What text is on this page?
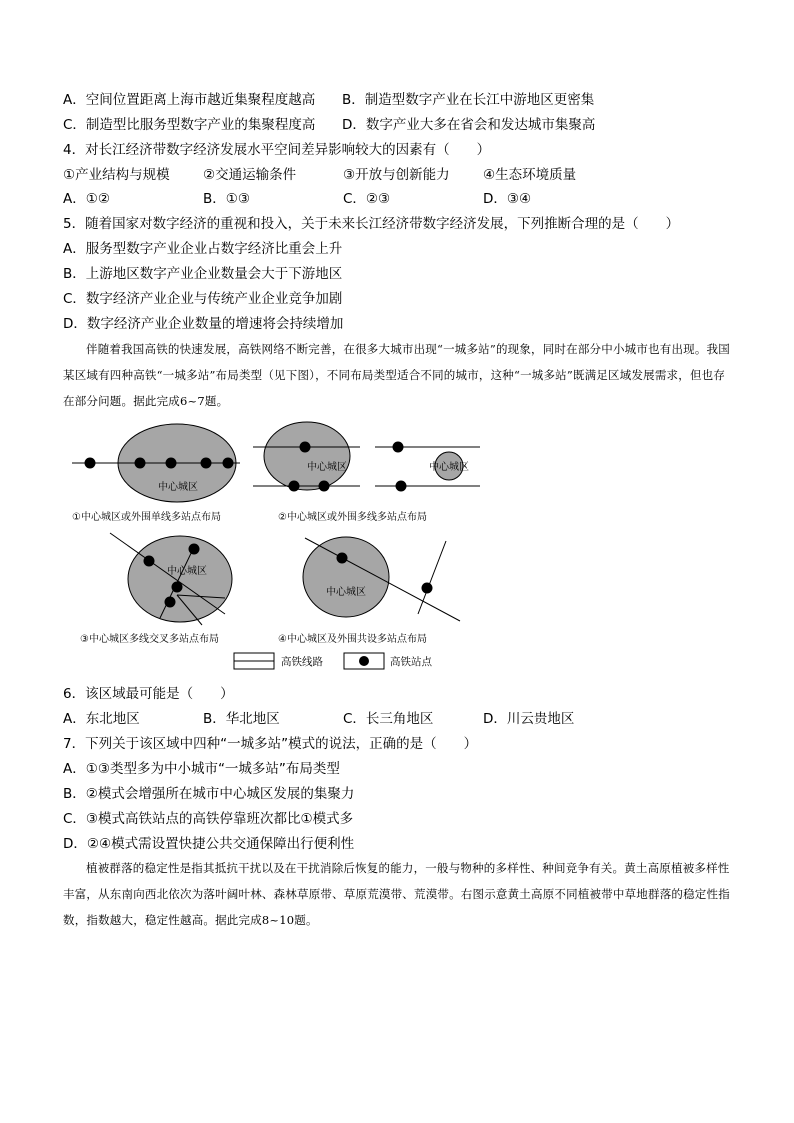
A．空间位置距离上海市越近集聚程度越高 B．制造型数字产业在长江中游地区更密集
C．制造型比服务型数字产业的集聚程度高 D．数字产业大多在省会和发达城市集聚高
4．对长江经济带数字经济发展水平空间差异影响较大的因素有（　　）
①产业结构与规模 ②交通运输条件	③开放与创新能力 ④生态环境质量
A．①②	B．①③	C．②③	D．③④
5．随着国家对数字经济的重视和投入，关于未来长江经济带数字经济发展，下列推断合理的是（　　）
A．服务型数字产业企业占数字经济比重会上升
B．上游地区数字产业企业数量会大于下游地区
C．数字经济产业企业与传统产业企业竞争加剧
D．数字经济产业企业数量的增速将会持续增加
伴随着我国高铁的快速发展，高铁网络不断完善，在很多大城市出现“一城多站”的现象，同时在部分中小城市也有出现。我国某区域有四种高铁“一城多站”布局类型（见下图），不同布局类型适合不同的城市，这种“一城多站”既满足区域发展需求，但也存在部分问题。据此完成6~7题。
中心城区
中心城区	中心城区
①中心城区或外围单线多站点布局	②中心城区或外围多线多站点布局
中心城区
中心城区
③中心城区多线交叉多站点布局	④中心城区及外围共设多站点布局
高铁线路	高铁站点
6．该区域最可能是（　　）
A．东北地区	B．华北地区	C．长三角地区	D．川云贵地区
7．下列关于该区域中四种“一城多站”模式的说法，正确的是（　　）
A．①③类型多为中小城市“一城多站”布局类型
B．②模式会增强所在城市中心城区发展的集聚力
C．③模式高铁站点的高铁停靠班次都比①模式多
D．②④模式需设置快捷公共交通保障出行便利性
植被群落的稳定性是指其抵抗干扰以及在干扰消除后恢复的能力，一般与物种的多样性、种间竞争有关。黄土高原植被多样性丰富，从东南向西北依次为落叶阔叶林、森林草原带、草原荒漠带、荒漠带。右图示意黄土高原不同植被带中草地群落的稳定性指数，指数越大，稳定性越高。据此完成8~10题。
